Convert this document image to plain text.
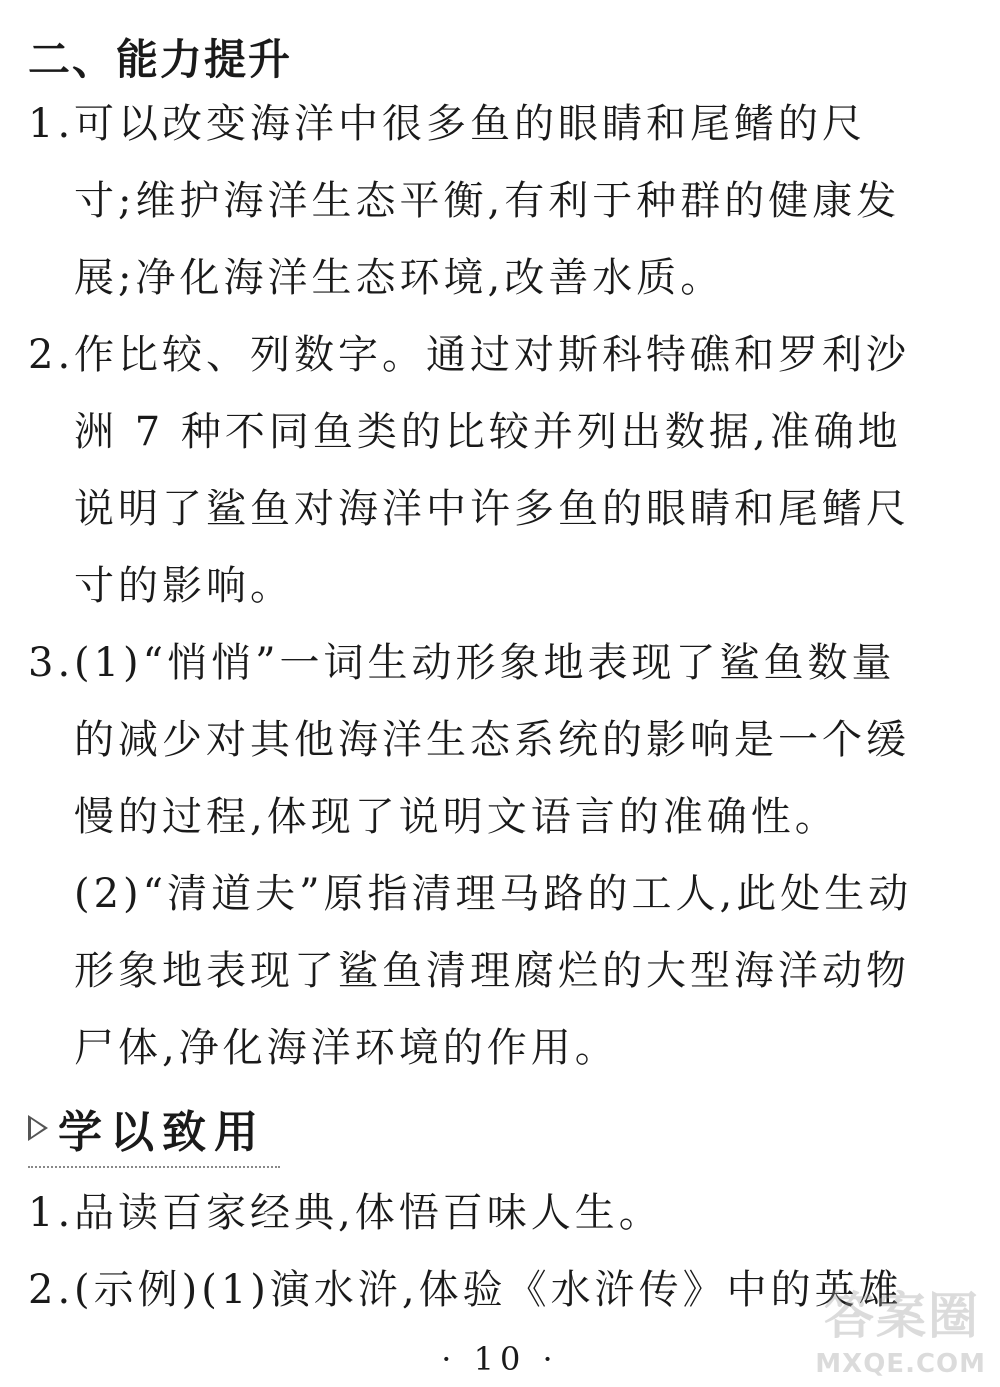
二、能力提升
1.可以改变海洋中很多鱼的眼睛和尾鳍的尺
寸;维护海洋生态平衡,有利于种群的健康发
展;净化海洋生态环境,改善水质。
2.作比较、列数字。通过对斯科特礁和罗利沙
洲 7 种不同鱼类的比较并列出数据,准确地
说明了鲨鱼对海洋中许多鱼的眼睛和尾鳍尺
寸的影响。
3.(1)“悄悄”一词生动形象地表现了鲨鱼数量
的减少对其他海洋生态系统的影响是一个缓
慢的过程,体现了说明文语言的准确性。
(2)“清道夫”原指清理马路的工人,此处生动
形象地表现了鲨鱼清理腐烂的大型海洋动物
尸体,净化海洋环境的作用。
学以致用
1.品读百家经典,体悟百味人生。
2.(示例)(1)演水浒,体验《水浒传》中的英雄
· 10 ·
答案圈
MXQE.COM
